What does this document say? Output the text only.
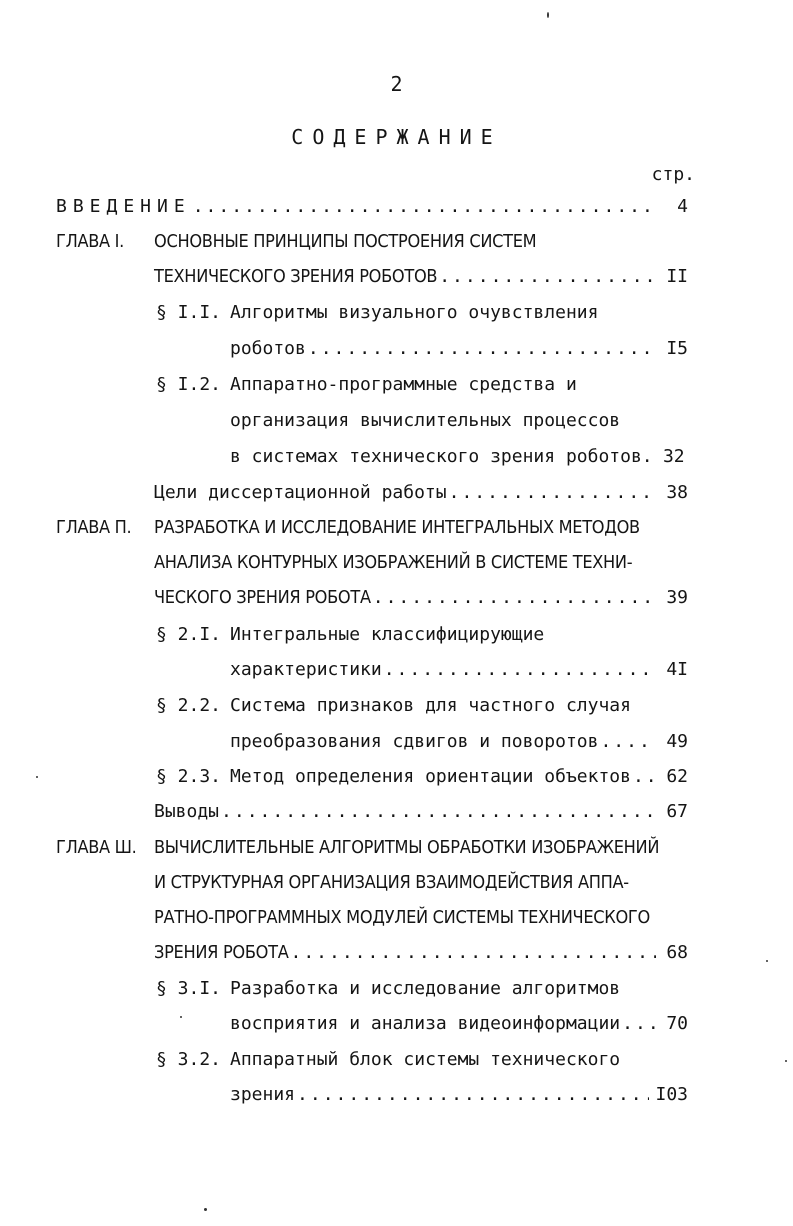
2
СОДЕРЖАНИЕ
стр.
ВВЕДЕНИЕ .....	4
ГЛАВА I.	ОСНОВНЫЕ ПРИНЦИПЫ ПОСТРОЕНИЯ СИСТЕМ
ТЕХНИЧЕСКОГО ЗРЕНИЯ РОБОТОВ .....	II
§ I.I. Алгоритмы визуального очувствления
роботов .....	I5
§ I.2. Аппаратно-программные средства и
организация вычислительных процессов
в системах технического зрения роботов. 32
Цели диссертационной работы .....	38
ГЛАВА П.	РАЗРАБОТКА И ИССЛЕДОВАНИЕ ИНТЕГРАЛЬНЫХ МЕТОДОВ
АНАЛИЗА КОНТУРНЫХ ИЗОБРАЖЕНИЙ В СИСТЕМЕ ТЕХНИ-
ЧЕСКОГО ЗРЕНИЯ РОБОТА .....	39
§ 2.I. Интегральные классифицирующие
характеристики .....	4I
§ 2.2. Система признаков для частного случая
преобразования сдвигов и поворотов .....	49
§ 2.3. Метод определения ориентации объектов ..... 62
Выводы .....	67
ГЛАВА Ш. ВЫЧИСЛИТЕЛЬНЫЕ АЛГОРИТМЫ ОБРАБОТКИ ИЗОБРАЖЕНИЙ
И СТРУКТУРНАЯ ОРГАНИЗАЦИЯ ВЗАИМОДЕЙСТВИЯ АППА-
РАТНО-ПРОГРАММНЫХ МОДУЛЕЙ СИСТЕМЫ ТЕХНИЧЕСКОГО
ЗРЕНИЯ РОБОТА .....	68
§ 3.I. Разработка и исследование алгоритмов
восприятия и анализа видеоинформации .....	70
§ 3.2. Аппаратный блок системы технического
зрения .....	I03
